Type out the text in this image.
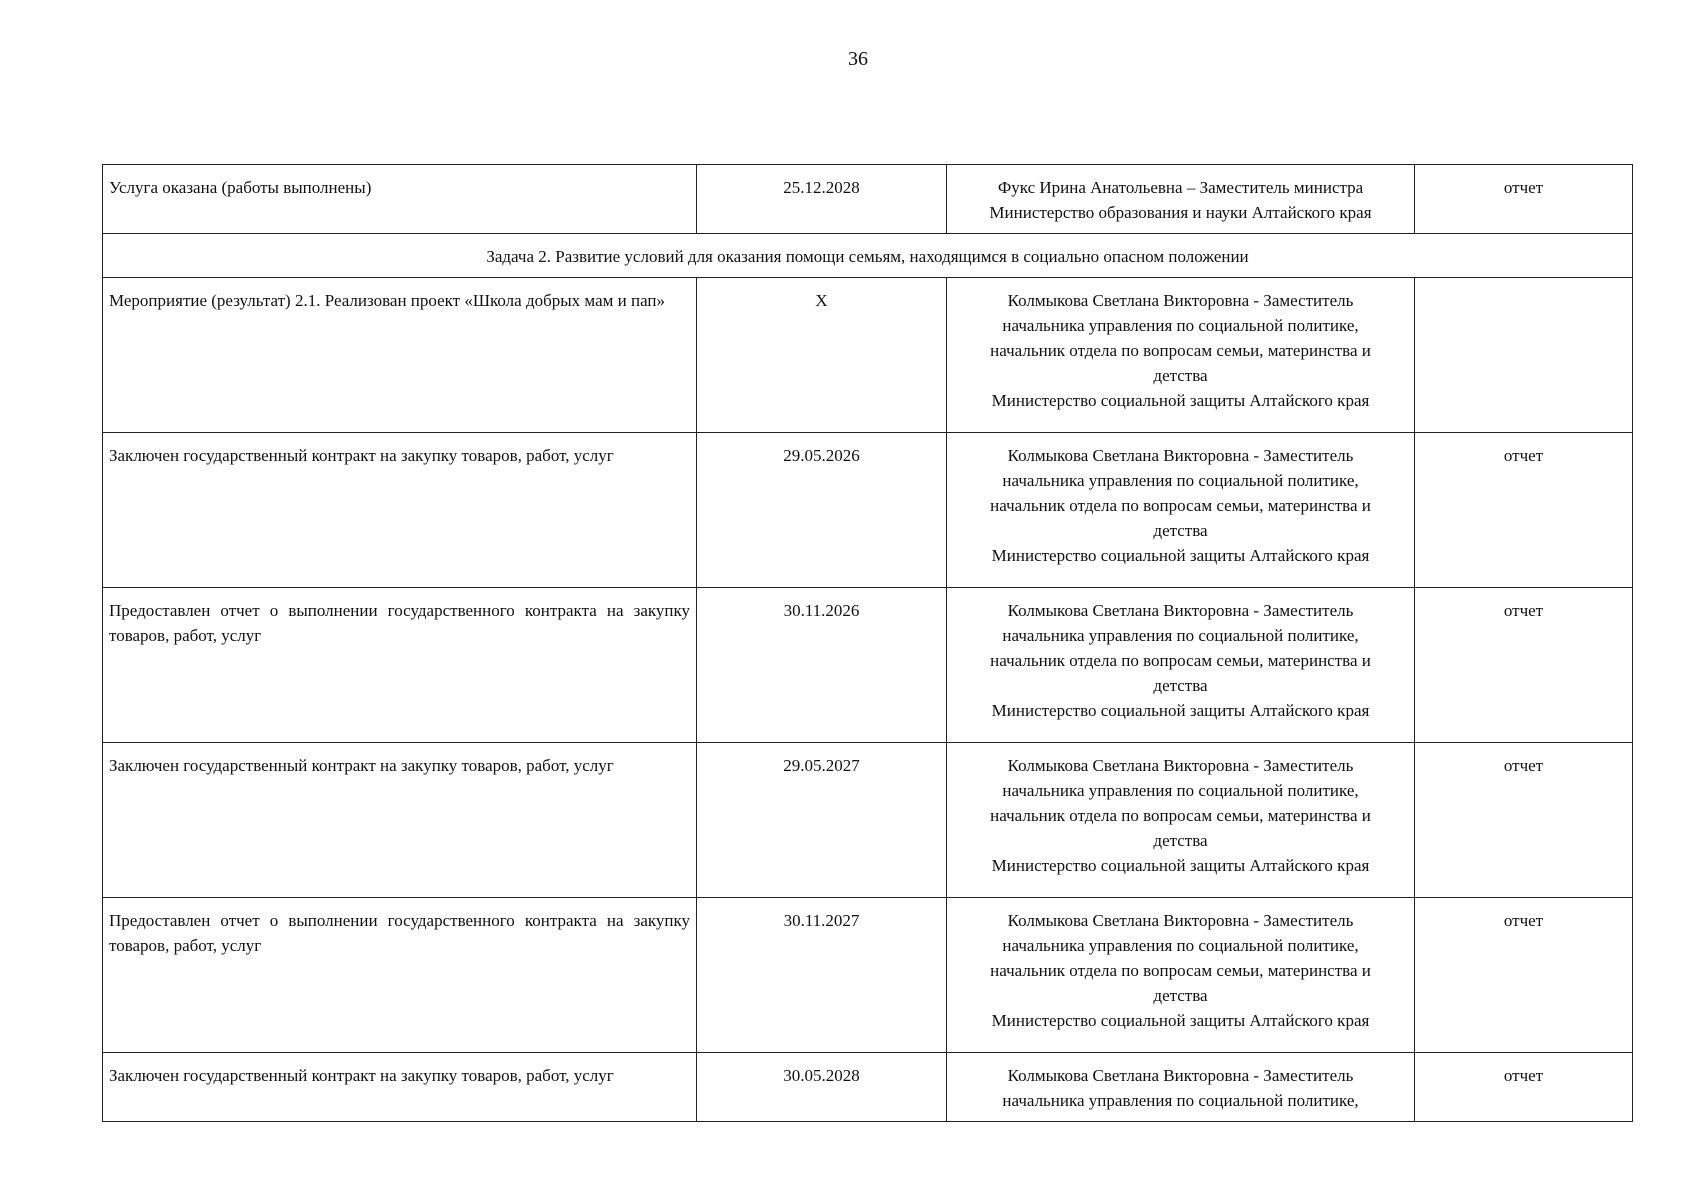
36
Услуга оказана (работы выполнены)	25.12.2028	Фукс Ирина Анатольевна – Заместитель министра
Министерство образования и науки Алтайского края	отчет
Задача 2. Развитие условий для оказания помощи семьям, находящимся в социально опасном положении			
Мероприятие (результат) 2.1. Реализован проект «Школа добрых мам и пап»	X	Колмыкова Светлана Викторовна - Заместитель
начальника управления по социальной политике,
начальник отдела по вопросам семьи, материнства и
детства
Министерство социальной защиты Алтайского края	

Заключен государственный контракт на закупку товаров, работ, услуг	29.05.2026	Колмыкова Светлана Викторовна - Заместитель
начальника управления по социальной политике,
начальник отдела по вопросам семьи, материнства и
детства
Министерство социальной защиты Алтайского края	отчет
Предоставлен отчет о выполнении государственного контракта на закупку товаров, работ, услуг	30.11.2026	Колмыкова Светлана Викторовна - Заместитель
начальника управления по социальной политике,
начальник отдела по вопросам семьи, материнства и
детства
Министерство социальной защиты Алтайского края	отчет
Заключен государственный контракт на закупку товаров, работ, услуг	29.05.2027	Колмыкова Светлана Викторовна - Заместитель
начальника управления по социальной политике,
начальник отдела по вопросам семьи, материнства и
детства
Министерство социальной защиты Алтайского края	отчет
Предоставлен отчет о выполнении государственного контракта на закупку товаров, работ, услуг	30.11.2027	Колмыкова Светлана Викторовна - Заместитель
начальника управления по социальной политике,
начальник отдела по вопросам семьи, материнства и
детства
Министерство социальной защиты Алтайского края	отчет
Заключен государственный контракт на закупку товаров, работ, услуг	30.05.2028	Колмыкова Светлана Викторовна - Заместитель
начальника управления по социальной политике,	отчет
